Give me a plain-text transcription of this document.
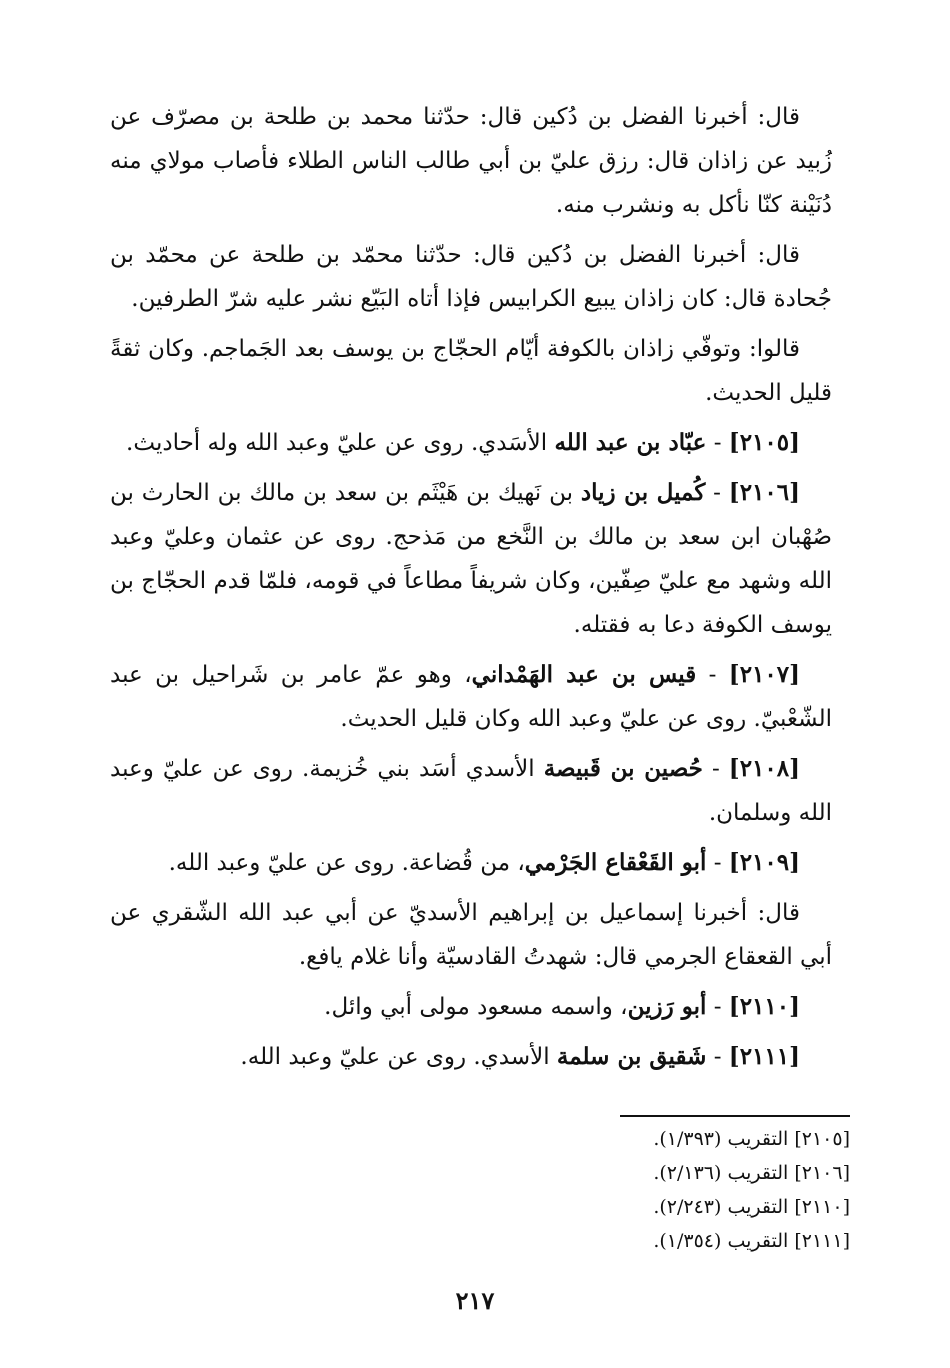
قال: أخبرنا الفضل بن دُكين قال: حدّثنا محمد بن طلحة بن مصرّف عن زُبيد عن زاذان قال: رزق عليّ بن أبي طالب الناس الطلاء فأصاب مولاي منه دُنَيْنة كنّا نأكل به ونشرب منه.

قال: أخبرنا الفضل بن دُكين قال: حدّثنا محمّد بن طلحة عن محمّد بن جُحادة قال: كان زاذان يبيع الكرابيس فإذا أتاه البَيّع نشر عليه شرّ الطرفين.

قالوا: وتوفّي زاذان بالكوفة أيّام الحجّاج بن يوسف بعد الجَماجم. وكان ثقةً قليل الحديث.

[٢١٠٥] - عبّاد بن عبد الله الأسَدي. روى عن عليّ وعبد الله وله أحاديث.

[٢١٠٦] - كُميل بن زياد بن نَهيك بن هَيْثَم بن سعد بن مالك بن الحارث بن صُهْبان ابن سعد بن مالك بن النَّخع من مَذحج. روى عن عثمان وعليّ وعبد الله وشهد مع عليّ صِفّين، وكان شريفاً مطاعاً في قومه، فلمّا قدم الحجّاج بن يوسف الكوفة دعا به فقتله.

[٢١٠٧] - قيس بن عبد الهَمْداني، وهو عمّ عامر بن شَراحيل بن عبد الشّعْبيّ. روى عن عليّ وعبد الله وكان قليل الحديث.

[٢١٠٨] - حُصين بن قَبيصة الأسدي أسَد بني خُزيمة. روى عن عليّ وعبد الله وسلمان.

[٢١٠٩] - أبو القَعْقاع الجَرْمي، من قُضاعة. روى عن عليّ وعبد الله.

قال: أخبرنا إسماعيل بن إبراهيم الأسديّ عن أبي عبد الله الشّقري عن أبي القعقاع الجرمي قال: شهدتُ القادسيّة وأنا غلام يافع.

[٢١١٠] - أبو رَزين، واسمه مسعود مولى أبي وائل.

[٢١١١] - شَقيق بن سلمة الأسدي. روى عن عليّ وعبد الله.

[٢١٠٥] التقريب (١/٣٩٣).

[٢١٠٦] التقريب (٢/١٣٦).

[٢١١٠] التقريب (٢/٢٤٣).

[٢١١١] التقريب (١/٣٥٤).

٢١٧
